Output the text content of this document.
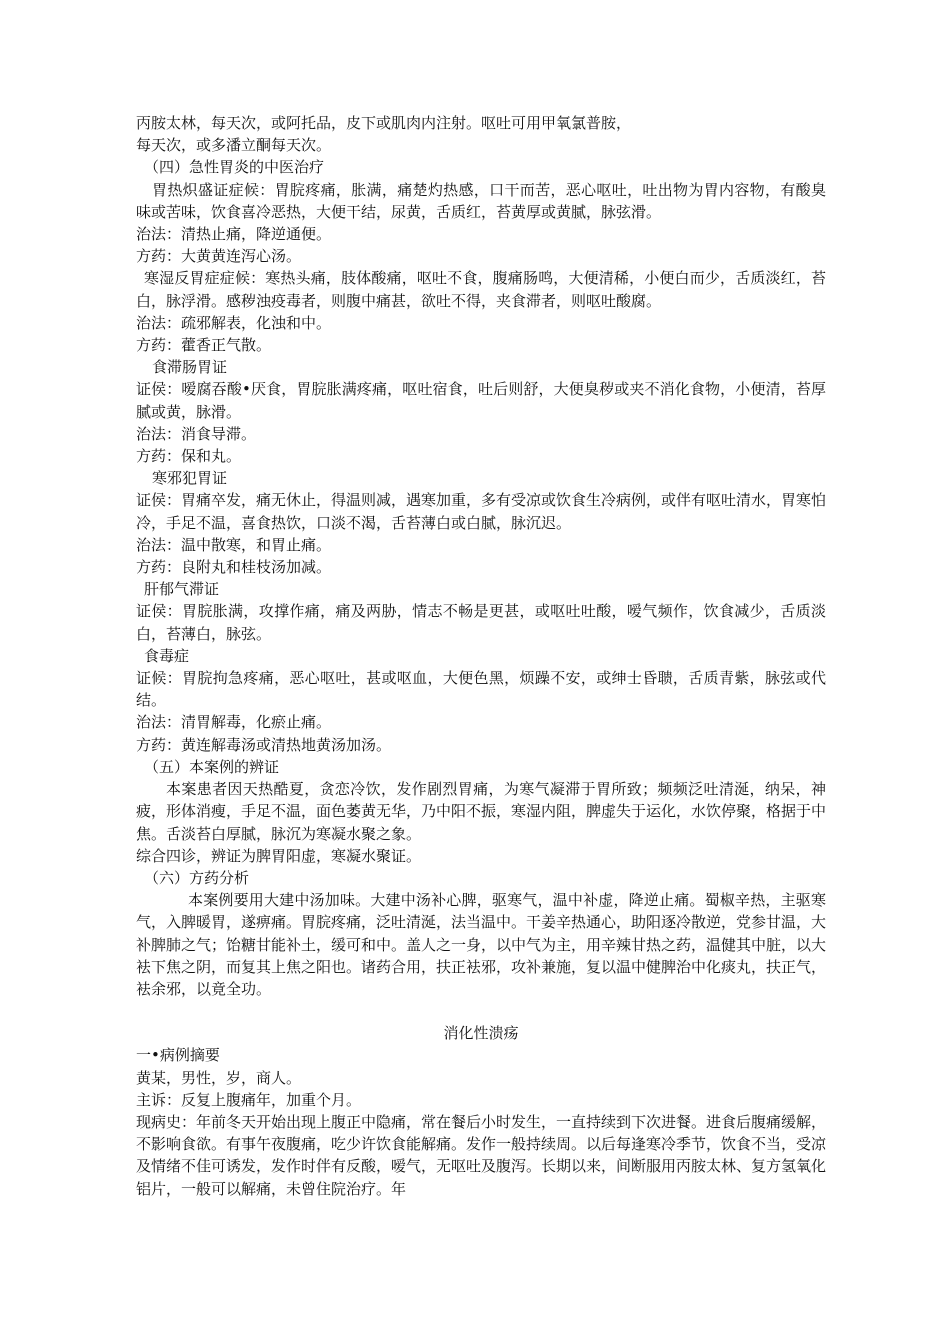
丙胺太林，每天次，或阿托品，皮下或肌肉内注射。呕吐可用甲氧氯普胺，

每天次，或多潘立酮每天次。

（四）急性胃炎的中医治疗

胃热炽盛证症候：胃脘疼痛，胀满，痛楚灼热感，口干而苦，恶心呕吐，吐出物为胃内容物，有酸臭味或苦味，饮食喜冷恶热，大便干结，尿黄，舌质红，苔黄厚或黄腻，脉弦滑。

治法：清热止痛，降逆通便。

方药：大黄黄连泻心汤。

寒湿反胃症症候：寒热头痛，肢体酸痛，呕吐不食，腹痛肠鸣，大便清稀，小便白而少，舌质淡红，苔白，脉浮滑。感秽浊疫毒者，则腹中痛甚，欲吐不得，夹食滞者，则呕吐酸腐。

治法：疏邪解表，化浊和中。

方药：藿香正气散。

食滞肠胃证

证侯：嗳腐吞酸•厌食，胃脘胀满疼痛，呕吐宿食，吐后则舒，大便臭秽或夹不消化食物，小便清，苔厚腻或黄，脉滑。

治法：消食导滞。

方药：保和丸。

寒邪犯胃证

证侯：胃痛卒发，痛无休止，得温则减，遇寒加重，多有受凉或饮食生冷病例，或伴有呕吐清水，胃寒怕冷，手足不温，喜食热饮，口淡不渴，舌苔薄白或白腻，脉沉迟。

治法：温中散寒，和胃止痛。

方药：良附丸和桂枝汤加减。

肝郁气滞证

证侯：胃脘胀满，攻撑作痛，痛及两胁，情志不畅是更甚，或呕吐吐酸，嗳气频作，饮食减少，舌质淡白，苔薄白，脉弦。

食毒症

证候：胃脘拘急疼痛，恶心呕吐，甚或呕血，大便色黑，烦躁不安，或绅士昏聩，舌质青紫，脉弦或代结。

治法：清胃解毒，化瘀止痛。

方药：黄连解毒汤或清热地黄汤加汤。

（五）本案例的辨证

本案患者因天热酷夏，贪恋冷饮，发作剧烈胃痛，为寒气凝滞于胃所致；频频泛吐清涎，纳呆，神疲，形体消瘦，手足不温，面色萎黄无华，乃中阳不振，寒湿内阻，脾虚失于运化，水饮停聚，格据于中焦。舌淡苔白厚腻，脉沉为寒凝水聚之象。

综合四诊，辨证为脾胃阳虚，寒凝水聚证。

（六）方药分析

本案例要用大建中汤加味。大建中汤补心脾，驱寒气，温中补虚，降逆止痛。蜀椒辛热，主驱寒气，入脾暖胃，遂痹痛。胃脘疼痛，泛吐清涎，法当温中。干姜辛热通心，助阳逐冷散逆，党参甘温，大补脾肺之气；饴糖甘能补土，缓可和中。盖人之一身，以中气为主，用辛辣甘热之药，温健其中脏，以大袪下焦之阴，而复其上焦之阳也。诸药合用，扶正袪邪，攻补兼施，复以温中健脾治中化痰丸，扶正气，袪余邪，以竟全功。

消化性溃疡

一•病例摘要

黄某，男性，岁，商人。

主诉：反复上腹痛年，加重个月。

现病史：年前冬天开始出现上腹正中隐痛，常在餐后小时发生，一直持续到下次进餐。进食后腹痛缓解，不影响食欲。有事午夜腹痛，吃少许饮食能解痛。发作一般持续周。以后每逢寒冷季节，饮食不当，受凉及情绪不佳可诱发，发作时伴有反酸，嗳气，无呕吐及腹泻。长期以来，间断服用丙胺太林、复方氢氧化铝片，一般可以解痛，未曾住院治疗。年
